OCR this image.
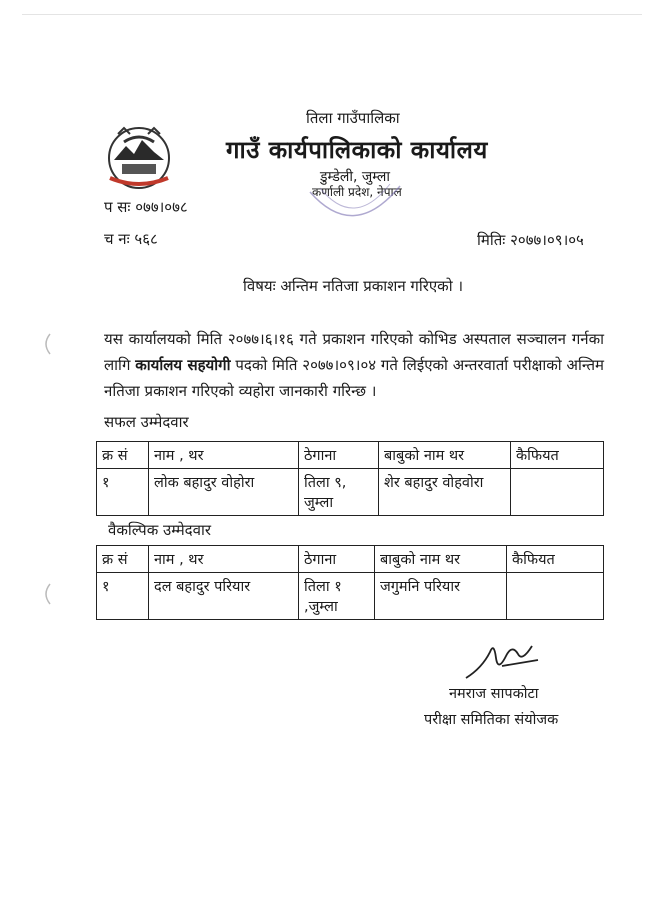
तिला गाउँपालिका
गाउँ कार्यपालिकाको कार्यालय
डुम्डेली, जुम्ला
कर्णाली प्रदेश, नेपाल
प सः ०७७।०७८
च नः ५६८	मितिः २०७७।०९।०५
विषयः अन्तिम नतिजा प्रकाशन गरिएको ।
यस कार्यालयको मिति २०७७।६।१६ गते प्रकाशन गरिएको कोभिड अस्पताल सञ्चालन गर्नका लागि कार्यालय सहयोगी पदको मिति २०७७।०९।०४ गते लिईएको अन्तरवार्ता परीक्षाको अन्तिम नतिजा प्रकाशन गरिएको व्यहोरा जानकारी गरिन्छ ।
सफल उम्मेदवार
क्र सं	नाम , थर	ठेगाना	बाबुको नाम थर	कैफियत
१	लोक बहादुर वोहोरा	तिला ९, जुम्ला	शेर बहादुर वोहवोरा	
वैकल्पिक उम्मेदवार
क्र सं	नाम , थर	ठेगाना	बाबुको नाम थर	कैफियत
१	दल बहादुर परियार	तिला १ ,जुम्ला	जगुमनि परियार	
नमराज सापकोटा
परीक्षा समितिका संयोजक
